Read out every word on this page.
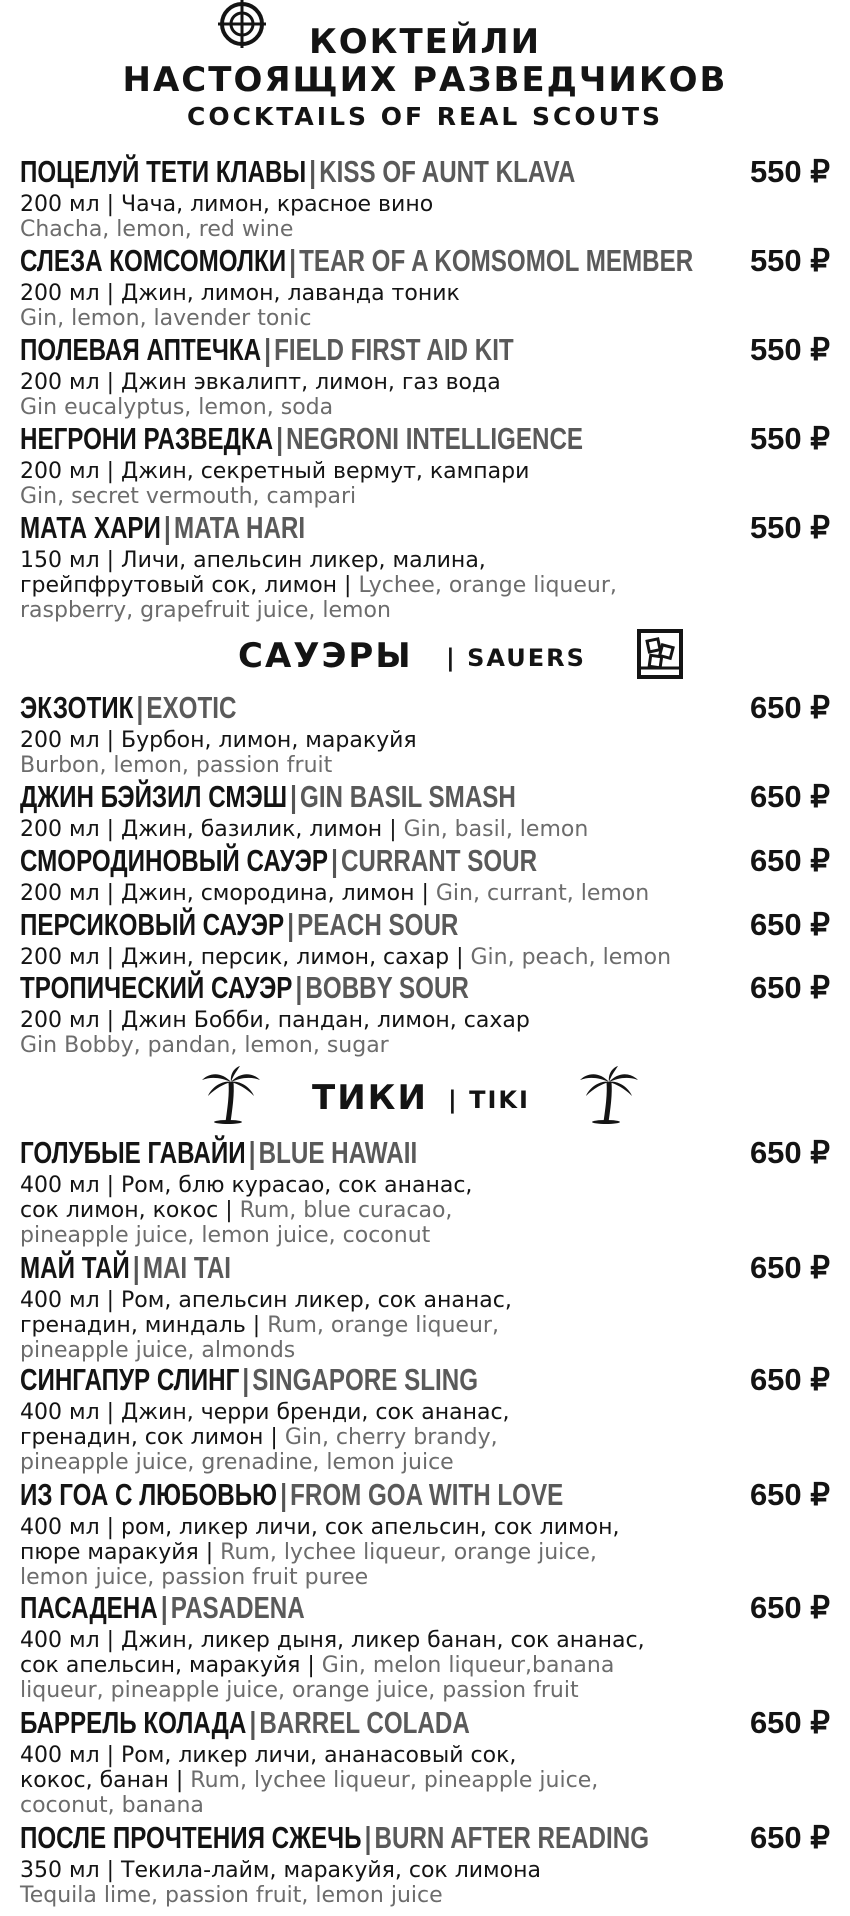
КОКТЕЙЛИ
НАСТОЯЩИХ РАЗВЕДЧИКОВ
COCKTAILS OF REAL SCOUTS
ПОЦЕЛУЙ ТЕТИ КЛАВЫ | KISS OF AUNT KLAVA	550 ₽
200 мл | Чача, лимон, красное вино
Chacha, lemon, red wine
СЛЕЗА КОМСОМОЛКИ | TEAR OF A KOMSOMOL MEMBER	550 ₽
200 мл | Джин, лимон, лаванда тоник
Gin, lemon, lavender tonic
ПОЛЕВАЯ АПТЕЧКА | FIELD FIRST AID KIT	550 ₽
200 мл | Джин эвкалипт, лимон, газ вода
Gin eucalyptus, lemon, soda
НЕГРОНИ РАЗВЕДКА | NEGRONI INTELLIGENCE	550 ₽
200 мл | Джин, секретный вермут, кампари
Gin, secret vermouth, campari
МАТА ХАРИ | MATA HARI	550 ₽
150 мл | Личи, апельсин ликер, малина,
грейпфрутовый сок, лимон | Lychee, orange liqueur,
raspberry, grapefruit juice, lemon
САУЭРЫ | SAUERS
ЭКЗОТИК | EXOTIC	650 ₽
200 мл | Бурбон, лимон, маракуйя
Burbon, lemon, passion fruit
ДЖИН БЭЙЗИЛ СМЭШ | GIN BASIL SMASH	650 ₽
200 мл | Джин, базилик, лимон | Gin, basil, lemon
СМОРОДИНОВЫЙ САУЭР | CURRANT SOUR	650 ₽
200 мл | Джин, смородина, лимон | Gin, currant, lemon
ПЕРСИКОВЫЙ САУЭР | PEACH SOUR	650 ₽
200 мл | Джин, персик, лимон, сахар | Gin, peach, lemon
ТРОПИЧЕСКИЙ САУЭР | BOBBY SOUR	650 ₽
200 мл | Джин Бобби, пандан, лимон, сахар
Gin Bobby, pandan, lemon, sugar
ТИКИ | TIKI
ГОЛУБЫЕ ГАВАЙИ | BLUE HAWAII	650 ₽
400 мл | Ром, блю курасао, сок ананас,
сок лимон, кокос | Rum, blue curacao,
pineapple juice, lemon juice, coconut
МАЙ ТАЙ | MAI TAI	650 ₽
400 мл | Ром, апельсин ликер, сок ананас,
гренадин, миндаль | Rum, orange liqueur,
pineapple juice, almonds
СИНГАПУР СЛИНГ | SINGAPORE SLING	650 ₽
400 мл | Джин, черри бренди, сок ананас,
гренадин, сок лимон | Gin, cherry brandy,
pineapple juice, grenadine, lemon juice
ИЗ ГОА С ЛЮБОВЬЮ | FROM GOA WITH LOVE	650 ₽
400 мл | ром, ликер личи, сок апельсин, сок лимон,
пюре маракуйя | Rum, lychee liqueur, orange juice,
lemon juice, passion fruit puree
ПАСАДЕНА | PASADENA	650 ₽
400 мл | Джин, ликер дыня, ликер банан, сок ананас,
сок апельсин, маракуйя | Gin, melon liqueur,banana
liqueur, pineapple juice, orange juice, passion fruit
БАРРЕЛЬ КОЛАДА | BARREL COLADA	650 ₽
400 мл | Ром, ликер личи, ананасовый сок,
кокос, банан | Rum, lychee liqueur, pineapple juice,
coconut, banana
ПОСЛЕ ПРОЧТЕНИЯ СЖЕЧЬ | BURN AFTER READING	650 ₽
350 мл | Текила-лайм, маракуйя, сок лимона
Tequila lime, passion fruit, lemon juice
